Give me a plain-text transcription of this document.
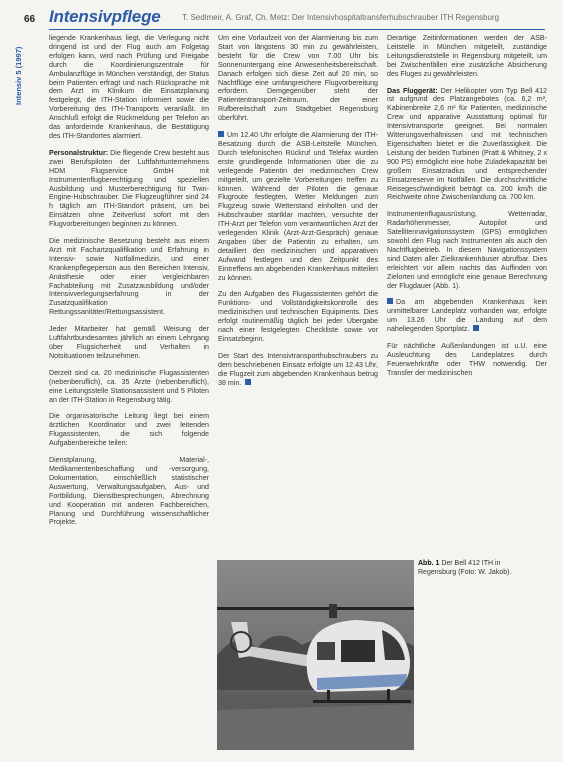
66 Intensivpflege	T. Sedlmeir, A. Graf, Ch. Metz: Der Intensivhospitaltransferhubschrauber ITH Regensburg
Intensiv 5 (1997)

liegende Krankenhaus liegt, die Verlegung nicht dringend ist und der Flug auch am Folgetag erfolgen kann, wird nach Prüfung und Freigabe durch die Koordinierungszentrale für Ambulanzflüge in München verständigt, der Status beim Patienten erfragt und nach Rücksprache mit dem Arzt im Klinikum die Einsatzplanung festgelegt, die ITH-Station informiert sowie die Vorbereitung des ITH-Transports veranlaßt. Im Anschluß erfolgt die Rückmeldung per Telefon an das anfordernde Krankenhaus, die Bestätigung des ITH-Standortes alarmiert.

Personalstruktur: Die fliegende Crew besteht aus zwei Berufspiloten der Luftfahrtunternehmens HDM Flugservice GmbH mit Instrumentenflugberechtigung und speziellen Ausbildung und Musterberechtigung für Twin-Engine-Hubschrauber. Die Flugzeugführer sind 24 h täglich am ITH-Standort präsent, um bei Einsätzen ohne Zeitverlust sofort mit den Flugvorbereitungen beginnen zu können.

Die medizinische Besetzung besteht aus einem Arzt mit Fachartzqualifikation und Erfahrung in Intensiv- sowie Notfallmedizin, und einer Krankenpflegeperson aus den Bereichen Intensiv, Anästhesie oder einer vergleichbaren Fachabteilung mit Zusatzausbildung und/oder Intensivverlegungserfahrung in der Zusatzqualifikation Rettungssanitäter/Rettungsassistent.

Jeder Mitarbeiter hat gemäß Weisung der Luftfahrtbundesamtes jährlich an einem Lehrgang über Flugsicherheit und Verhalten in Notsituationen teilzunehmen.

Derzeit sind ca. 20 medizinische Flugassistenten (nebenberuflich), ca. 35 Ärzte (nebenberuflich), eine Leitungsstelle Stationsassistent und 5 Piloten an der ITH-Station in Regensburg tätig.

Die organisatorische Leitung liegt bei einem ärztlichen Koordinator und zwei leitenden Flugassistenten, die sich folgende Aufgabenbereiche teilen:

Dienstplanung, Material-, Medikamentenbeschaffung und -versorgung, Dokumentation, einschließlich statistischer Auswertung, Verwaltungsaufgaben, Aus- und Fortbildung, Dienstbesprechungen, Abrechnung und Kooperation mit anderen Fachbereichen, Planung und Durchführung wissenschaftlicher Projekte.

Um eine Vorlaufzeit von der Alarmierung bis zum Start von längstens 30 min zu gewährleisten, besteht für die Crew von 7.00 Uhr bis Sonnenuntergang eine Anwesenheitsbereitschaft. Danach erfolgen sich diese Zeit auf 20 min, so Nachtflüge eine umfangreichere Flugvorbereitung erfordern. Demgegenüber steht der Patiententransport-Zeitraum, der einer Rufbereitschaft zum Stadtgebiet Regensburg überführt.

Um 12.40 Uhr erfolgte die Alarmierung der ITH-Besatzung durch die ASB-Leitstelle München. Durch telefonischen Rückruf und Telefax wurden erste grundlegende Informationen über die zu verlegende Patientin der medizinischen Crew mitgeteilt, um gezielte Vorbereitungen treffen zu können. Während der Piloten die genaue Flugroute festlegten, Wetter Meldungen zum Flugzeug sowie Wetterstand einholten und der Hubschrauber startklar machten, versuchte der ITH-Arzt per Telefon vom verantwortlichen Arzt der verlegenden Klinik (Arzt-Arzt-Gespräch) genaue Angaben über die Patientin zu erhalten, um detailliert den medizinischen und apparativen Aufwand festlegen und den Zeitpunkt des Eintreffens am abgebenden Krankenhaus mitteilen zu können.

Zu den Aufgaben des Flugassistenten gehört die Funktions- und Vollständigkeitskontrolle des medizinischen und technischen Equipments. Dies erfolgt routinemäßig täglich bei jeder Übergabe nach einer festgelegten Checkliste sowie vor Einsatzbeginn.

Der Start des Intensivtransporthubschraubers zu dem beschriebenen Einsatz erfolgte um 12.43 Uhr, die Flugzeit zum abgebenden Krankenhaus betrug 38 min.

Derartige Zeitinformationen werden der ASB-Leitstelle in München mitgeteilt, zuständige Leitungsdienststelle in Regensburg mitgeteilt, um bei Zwischenfällen eine zusätzliche Absicherung des Fluges zu gewährleisten.

Das Fluggerät: Der Helikopter vom Typ Bell 412 ist aufgrund des Platzangebotes (ca. 6,2 m³, Kabinenbreite 2,6 m² für Patienten, medizinische Crew und apparative Ausstattung optimal für Intensivtransporte geeignet. Bei normalen Witterungsverhältnissen und mit technischen Eigenschaften bietet er die Zuverlässigkeit. Die Leistung der beiden Turbinen (Pratt & Whitney, 2 x 900 PS) ermöglicht eine hohe Zuladekapazität bei großem Einsatzradius und entsprechender Einsatzreserve im Notfällen. Die durchschnittliche Reisegeschwindigkeit beträgt ca. 200 km/h die Reichweite ohne Zwischenlandung ca. 700 km.

Instrumentenflugausrüstung, Wetterradar, Radarhöhenmesser, Autopilot und Satellitennavigationssystem (GPS) ermöglichen sowohl den Flug nach Instrumenten als auch den Nachtflugbetrieb. In diesem Navigationssystem sind Daten aller Zielkrankenhäuser abrufbar. Dies erleichtert vor allem nachts das Auffinden von Zielorten und ermöglicht eine genaue Berechnung der Flugdauer (Abb. 1).

Da am abgebenden Krankenhaus kein unmittelbarer Landeplatz vorhanden war, erfolgte um 13.26 Uhr die Landung auf dem naheliegenden Sportplatz.

Für nächtliche Außenlandungen ist u.U. eine Ausleuchtung des Landeplatzes durch Feuerwehrkräfte oder THW notwendig. Der Transfer der medizinischen

Abb. 1 Der Bell 412 ITH in Regensburg (Foto: W. Jakob).
